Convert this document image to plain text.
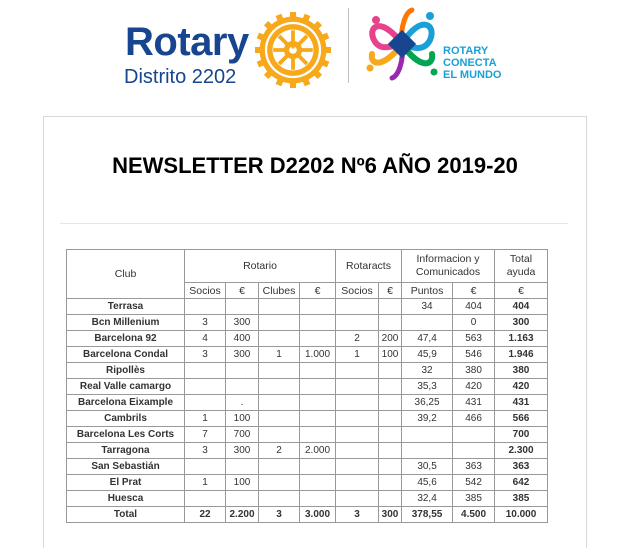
Rotary
Distrito 2202
ROTARY
CONECTA
EL MUNDO
NEWSLETTER D2202 Nº6 AÑO 2019-20
Club	Rotario				Rotaracts		Informacion y Comunicados		Total ayuda
	Socios	€	Clubes	€	Socios	€	Puntos	€	€
Terrasa							34	404	404
Bcn Millenium	3	300						0	300
Barcelona 92	4	400			2	200	47,4	563	1.163
Barcelona Condal	3	300	1	1.000	1	100	45,9	546	1.946
Ripollès							32	380	380
Real Valle camargo							35,3	420	420
Barcelona Eixample		.					36,25	431	431
Cambrils	1	100					39,2	466	566
Barcelona Les Corts	7	700							700
Tarragona	3	300	2	2.000					2.300
San Sebastián							30,5	363	363
El Prat	1	100					45,6	542	642
Huesca							32,4	385	385
Total	22	2.200	3	3.000	3	300	378,55	4.500	10.000
